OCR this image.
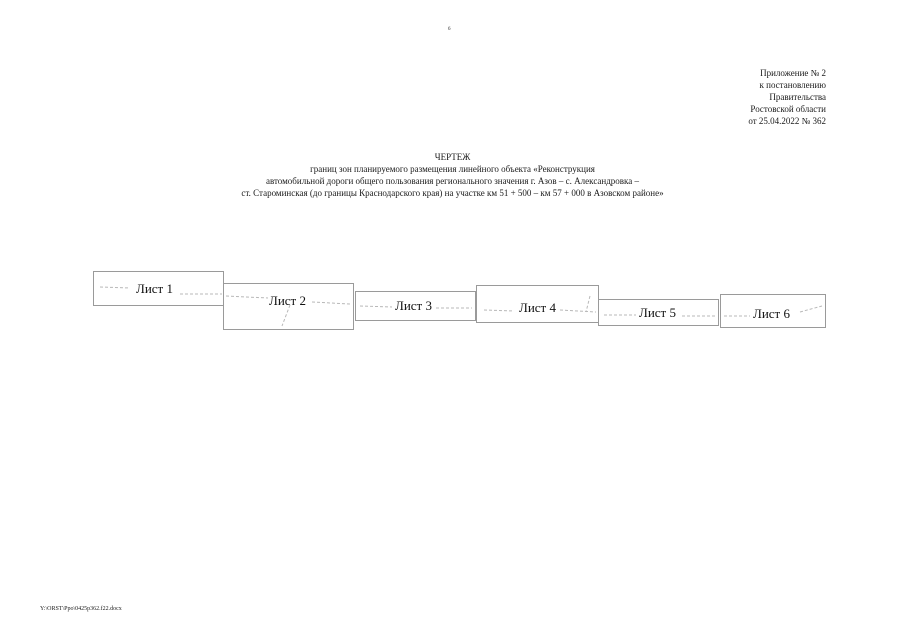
6
Приложение № 2
к постановлению
Правительства
Ростовской области
от 25.04.2022 № 362
ЧЕРТЕЖ
границ зон планируемого размещения линейного объекта «Реконструкция
автомобильной дороги общего пользования регионального значения г. Азов – с. Александровка –
ст. Староминская (до границы Краснодарского края) на участке км 51 + 500 – км 57 + 000 в Азовском районе»
Лист 1
Лист 2	Лист 3	Лист 4	Лист 5	Лист 6
Y:\ORST\Ppo\0425p362.f22.docx
